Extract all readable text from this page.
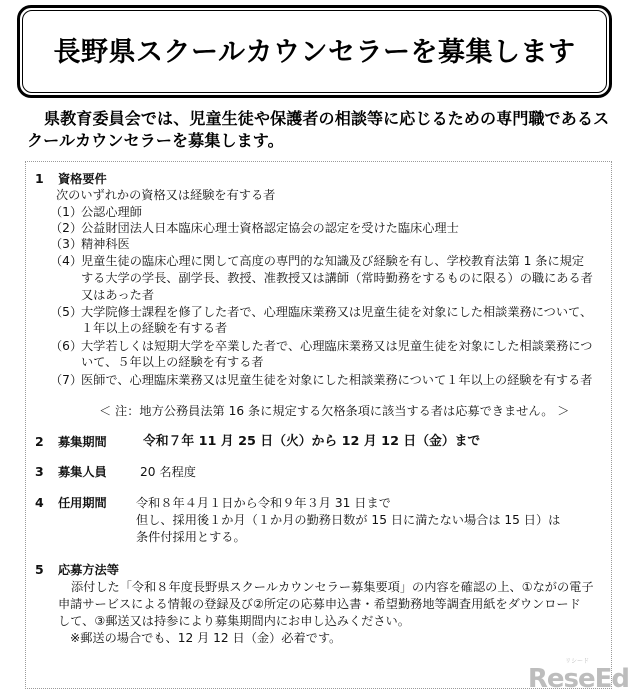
長野県スクールカウンセラーを募集します
県教育委員会では、児童生徒や保護者の相談等に応じるための専門職であるスクールカウンセラーを募集します。
1 資格要件
次のいずれかの資格又は経験を有する者
（1）
公認心理師
（2）
公益財団法人日本臨床心理士資格認定協会の認定を受けた臨床心理士
（3）
精神科医
（4）
児童生徒の臨床心理に関して高度の専門的な知識及び経験を有し、学校教育法第 1 条に規定
する大学の学長、副学長、教授、准教授又は講師（常時勤務をするものに限る）の職にある者
又はあった者
（5）
大学院修士課程を修了した者で、心理臨床業務又は児童生徒を対象にした相談業務について、
１年以上の経験を有する者
（6）
大学若しくは短期大学を卒業した者で、心理臨床業務又は児童生徒を対象にした相談業務につ
いて、５年以上の経験を有する者
（7）
医師で、心理臨床業務又は児童生徒を対象にした相談業務について１年以上の経験を有する者
＜ 注：地方公務員法第 16 条に規定する欠格条項に該当する者は応募できません。 ＞
2 募集期間	令和７年 11 月 25 日（火）から 12 月 12 日（金）まで
3 募集人員	20 名程度
4 任用期間 令和８年４月１日から令和９年３月 31 日まで
但し、採用後１か月（１か月の勤務日数が 15 日に満たない場合は 15 日）は
条件付採用とする。
5 応募方法等
添付した「令和８年度長野県スクールカウンセラー募集要項」の内容を確認の上、①ながの電子
申請サービスによる情報の登録及び②所定の応募申込書・希望勤務地等調査用紙をダウンロード
して、③郵送又は持参により募集期間内にお申し込みください。
※郵送の場合でも、12 月 12 日（金）必着です。
リシード
ReseEd
